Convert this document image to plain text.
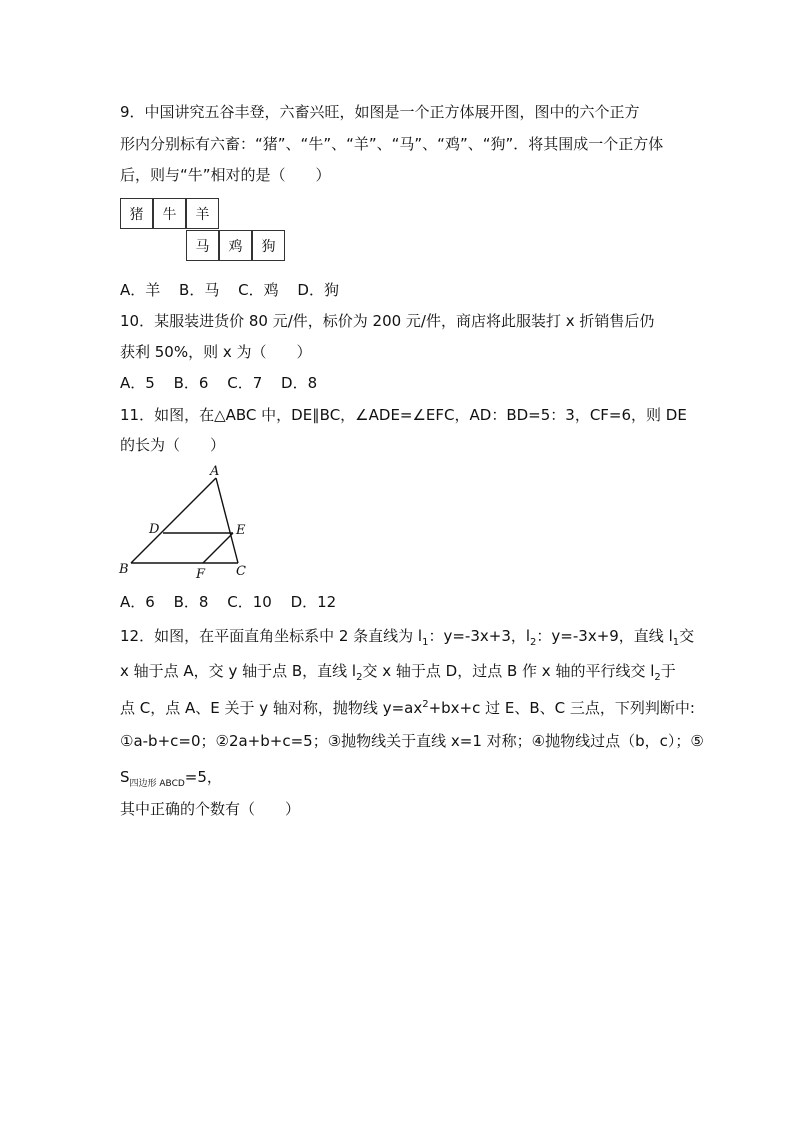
9．中国讲究五谷丰登，六畜兴旺，如图是一个正方体展开图，图中的六个正方
形内分别标有六畜：“猪”、“牛”、“羊”、“马”、“鸡”、“狗”．将其围成一个正方体
后，则与“牛”相对的是（　　）
猪	牛	羊
马	鸡	狗
A．羊 B．马 C．鸡 D．狗
10．某服装进货价 80 元/件，标价为 200 元/件，商店将此服装打 x 折销售后仍
获利 50%，则 x 为（　　）
A．5 B．6 C．7 D．8
11．如图，在△ABC 中，DE∥BC，∠ADE=∠EFC，AD：BD=5：3，CF=6，则 DE
的长为（　　）
A
D	E
B	F C
A．6 B．8 C．10 D．12
12．如图，在平面直角坐标系中 2 条直线为 $l_1$：y=-3x+3，$l_2$：y=-3x+9，直线 $l_1$交
x 轴于点 A，交 y 轴于点 B，直线 $l_2$交 x 轴于点 D，过点 B 作 x 轴的平行线交 $l_2$于
点 C，点 A、E 关于 y 轴对称，抛物线 $y=ax^2+bx+c$ 过 E、B、C 三点，下列判断中:
①a-b+c=0；②2a+b+c=5；③抛物线关于直线 x=1 对称；④抛物线过点（b，c）；⑤
$S_{四边形 ABCD}=5$，
其中正确的个数有（　　）
